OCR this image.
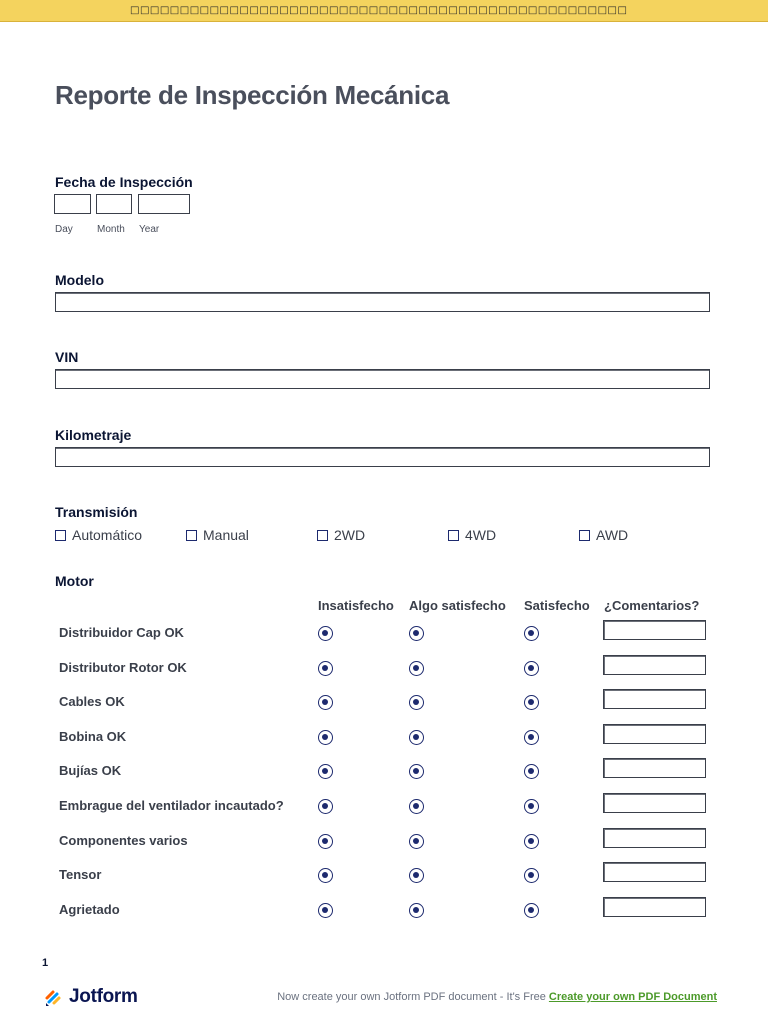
□□□□□□□□□□□□□□□□□□□□□□□□□□□□□□□□□□□□□□□□□□□□□□□□□□
Reporte de Inspección Mecánica
Fecha de Inspección
Day Month Year
Modelo
VIN
Kilometraje
Transmisión
Automático	Manual	2WD	4WD	AWD
Motor
Insatisfecho Algo satisfecho Satisfecho ¿Comentarios?
Distribuidor Cap OK
Distributor Rotor OK
Cables OK
Bobina OK
Bujías OK
Embrague del ventilador incautado?
Componentes varios
Tensor
Agrietado
1
Jotform	Now create your own Jotform PDF document - It's Free Create your own PDF Document
